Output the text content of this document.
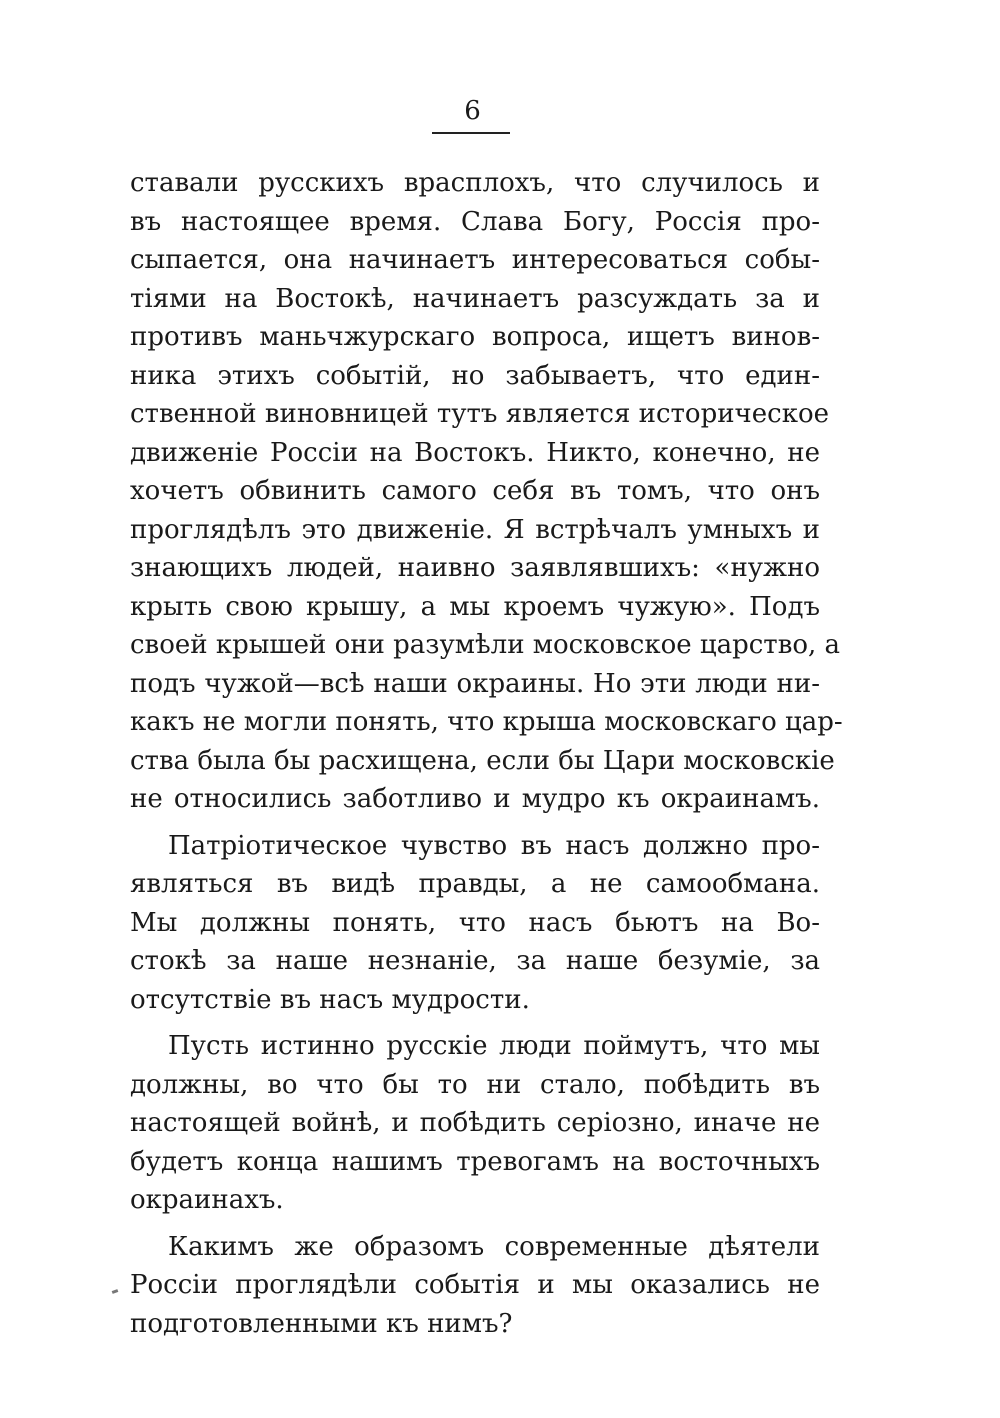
6
ставали русскихъ врасплохъ, что случилось и
въ настоящее время. Слава Богу, Россія про-
сыпается, она начинаетъ интересоваться собы-
тіями на Востокѣ, начинаетъ разсуждать за и
противъ маньчжурскаго вопроса, ищетъ винов-
ника этихъ событій, но забываетъ, что един-
ственной виновницей тутъ является историческое
движеніе Россіи на Востокъ. Никто, конечно, не
хочетъ обвинить самого себя въ томъ, что онъ
проглядѣлъ это движеніе. Я встрѣчалъ умныхъ и
знающихъ людей, наивно заявлявшихъ: «нужно
крыть свою крышу, а мы кроемъ чужую». Подъ
своей крышей они разумѣли московское царство, а
подъ чужой—всѣ наши окраины. Но эти люди ни-
какъ не могли понять, что крыша московскаго цар-
ства была бы расхищена, если бы Цари московскіе
не относились заботливо и мудро къ окраинамъ.
Патріотическое чувство въ насъ должно про-
являться въ видѣ правды, а не самообмана.
Мы должны понять, что насъ бьютъ на Во-
стокѣ за наше незнаніе, за наше безуміе, за
отсутствіе въ насъ мудрости.
Пусть истинно русскіе люди поймутъ, что мы
должны, во что бы то ни стало, побѣдить въ
настоящей войнѣ, и побѣдить серіозно, иначе не
будетъ конца нашимъ тревогамъ на восточныхъ
окраинахъ.
Какимъ же образомъ современные дѣятели
Россіи проглядѣли событія и мы оказались не
подготовленными къ нимъ?
